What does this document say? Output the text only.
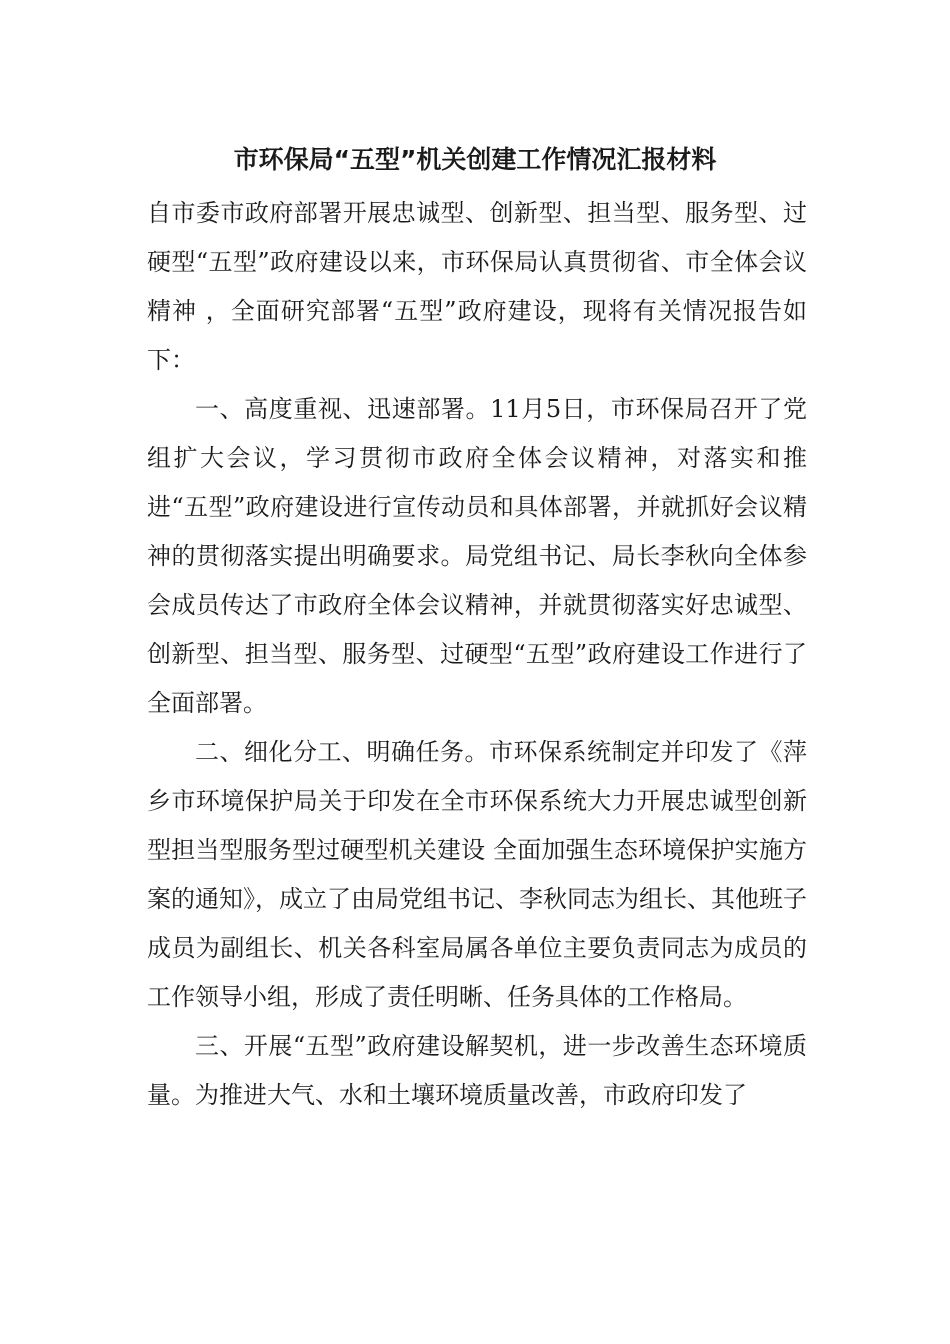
市环保局“五型”机关创建工作情况汇报材料

自市委市政府部署开展忠诚型、创新型、担当型、服务型、过硬型“五型”政府建设以来，市环保局认真贯彻省、市全体会议精神 ，全面研究部署“五型”政府建设，现将有关情况报告如下：

一、高度重视、迅速部署。11月5日，市环保局召开了党组扩大会议，学习贯彻市政府全体会议精神，对落实和推进“五型”政府建设进行宣传动员和具体部署，并就抓好会议精神的贯彻落实提出明确要求。局党组书记、局长李秋向全体参会成员传达了市政府全体会议精神，并就贯彻落实好忠诚型、创新型、担当型、服务型、过硬型“五型”政府建设工作进行了全面部署。

二、细化分工、明确任务。市环保系统制定并印发了《萍乡市环境保护局关于印发在全市环保系统大力开展忠诚型创新型担当型服务型过硬型机关建设 全面加强生态环境保护实施方案的通知》，成立了由局党组书记、李秋同志为组长、其他班子成员为副组长、机关各科室局属各单位主要负责同志为成员的工作领导小组，形成了责任明晰、任务具体的工作格局。

三、开展“五型”政府建设解契机，进一步改善生态环境质量。为推进大气、水和土壤环境质量改善，市政府印发了
